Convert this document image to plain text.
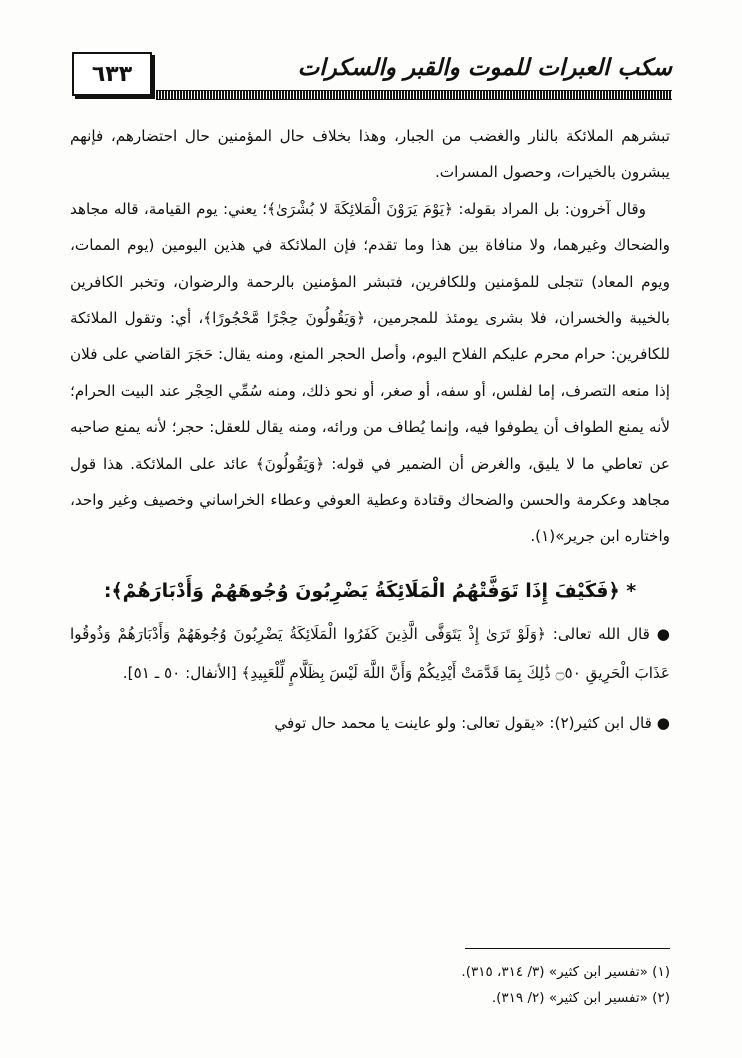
٦٣٣	سكب العبرات للموت والقبر والسكرات

تبشرهم الملائكة بالنار والغضب من الجبار، وهذا بخلاف حال المؤمنين حال احتضارهم، فإنهم يبشرون بالخيرات، وحصول المسرات.

وقال آخرون: بل المراد بقوله: ﴿يَوْمَ يَرَوْنَ الْمَلائِكَةَ لا بُشْرَىٰ﴾؛ يعني: يوم القيامة، قاله مجاهد والضحاك وغيرهما، ولا منافاة بين هذا وما تقدم؛ فإن الملائكة في هذين اليومين (يوم الممات، ويوم المعاد) تتجلى للمؤمنين وللكافرين، فتبشر المؤمنين بالرحمة والرضوان، وتخبر الكافرين بالخيبة والخسران، فلا بشرى يومئذ للمجرمين، ﴿وَيَقُولُونَ حِجْرًا مَّحْجُورًا﴾، أي: وتقول الملائكة للكافرين: حرام محرم عليكم الفلاح اليوم، وأصل الحجر المنع، ومنه يقال: حَجَرَ القاضي على فلان إذا منعه التصرف، إما لفلس، أو سفه، أو صغر، أو نحو ذلك، ومنه سُمِّي الحِجْر عند البيت الحرام؛ لأنه يمنع الطواف أن يطوفوا فيه، وإنما يُطاف من ورائه، ومنه يقال للعقل: حجر؛ لأنه يمنع صاحبه عن تعاطي ما لا يليق، والغرض أن الضمير في قوله: ﴿وَيَقُولُونَ﴾ عائد على الملائكة. هذا قول مجاهد وعكرمة والحسن والضحاك وقتادة وعطية العوفي وعطاء الخراساني وخصيف وغير واحد، واختاره ابن جرير»(١).

* ﴿فَكَيْفَ إِذَا تَوَفَّتْهُمُ الْمَلَائِكَةُ يَضْرِبُونَ وُجُوهَهُمْ وَأَدْبَارَهُمْ﴾:

● قال الله تعالى: ﴿وَلَوْ تَرَىٰ إِذْ يَتَوَفَّى الَّذِينَ كَفَرُوا الْمَلَائِكَةُ يَضْرِبُونَ وُجُوهَهُمْ وَأَدْبَارَهُمْ وَذُوقُوا عَذَابَ الْحَرِيقِ ۝٥٠ ذَٰلِكَ بِمَا قَدَّمَتْ أَيْدِيكُمْ وَأَنَّ اللَّهَ لَيْسَ بِظَلَّامٍ لِّلْعَبِيدِ﴾ [الأنفال: ٥٠ ـ ٥١].

● قال ابن كثير(٢): «يقول تعالى: ولو عاينت يا محمد حال توفي

(١) «تفسير ابن كثير» (٣/ ٣١٤، ٣١٥).

(٢) «تفسير ابن كثير» (٢/ ٣١٩).
